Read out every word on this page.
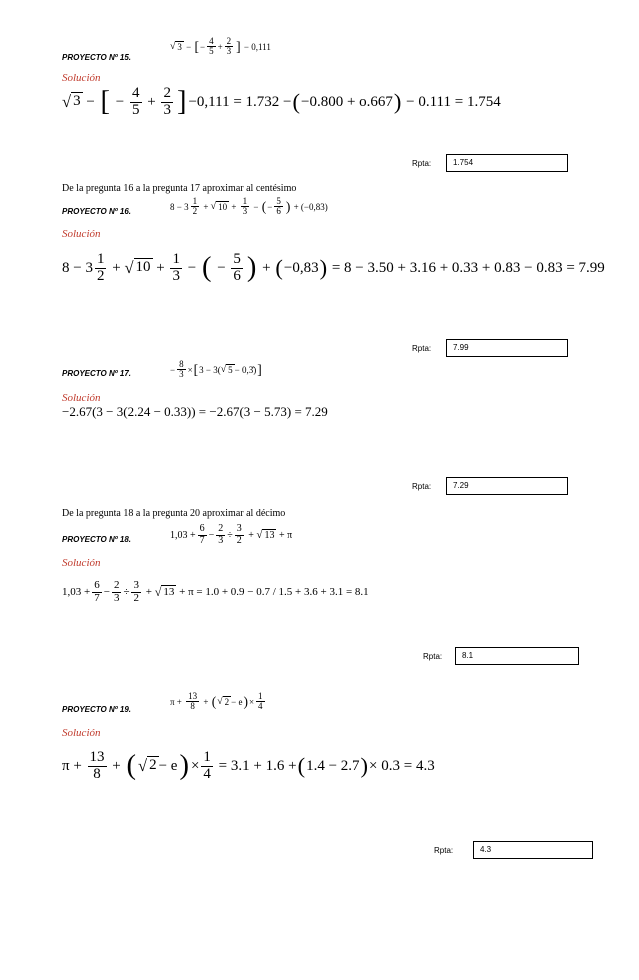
PROYECTO Nº 15.
√ 3 − [ − $\frac{4}{5} + \frac{2}{3}$ ] − 0,111
Solución
√ 3 − [ − $\frac{4}{5} + \frac{2}{3}$ ] −0,111 = 1.732 − ( −0.800 + o.667 )
− 0.111 = 1.754
Rpta:	1.754
De la pregunta 16 a la pregunta 17 aproximar al centésimo
PROYECTO Nº 16.	$8 - 3 \frac{1}{2}$ + √ $10 + \frac{1}{3}$ − ( − $\frac{5}{6}$ ) + ( −0,83 )
Solución
$8 - 3 \frac{1}{2}$ + √ $10 + \frac{1}{3}$ − ( − $\frac{5}{6}$ ) + ( −0,83 )
= 8 − 3.50 + 3.16 + 0.33 + 0.83 − 0.83 = 7.99
Rpta:	7.99
PROYECTO Nº 17.	− $\frac{8}{3}$ × [ 3 − 3( √ 5 − 0,3̂) ]
Solución
−2.67(3 − 3(2.24 − 0.33)) = −2.67(3 − 5.73) = 7.29
Rpta:	7.29
De la pregunta 18 a la pregunta 20 aproximar al décimo
PROYECTO Nº 18.	$1,03 + \frac{6}{7} - \frac{2}{3} \div \frac{3}{2}$ + √ 13 + π
Solución
$1,03 + \frac{6}{7} - \frac{2}{3} \div \frac{3}{2}$ + √ 13 + π
= 1.0 + 0.9 − 0.7 / 1.5 + 3.6 + 3.1 = 8.1
Rpta:	8.1
PROYECTO Nº 19.
$\pi + \frac{13}{8}$ + ( √ 2 − e ) × $\frac{1}{4}$
Solución
$\pi + \frac{13}{8}$ + ( √ 2 − e ) × $\frac{1}{4}$
= 3.1 + 1.6 + ( 1.4 − 2.7 ) × 0.3 = 4.3
Rpta:	4.3
